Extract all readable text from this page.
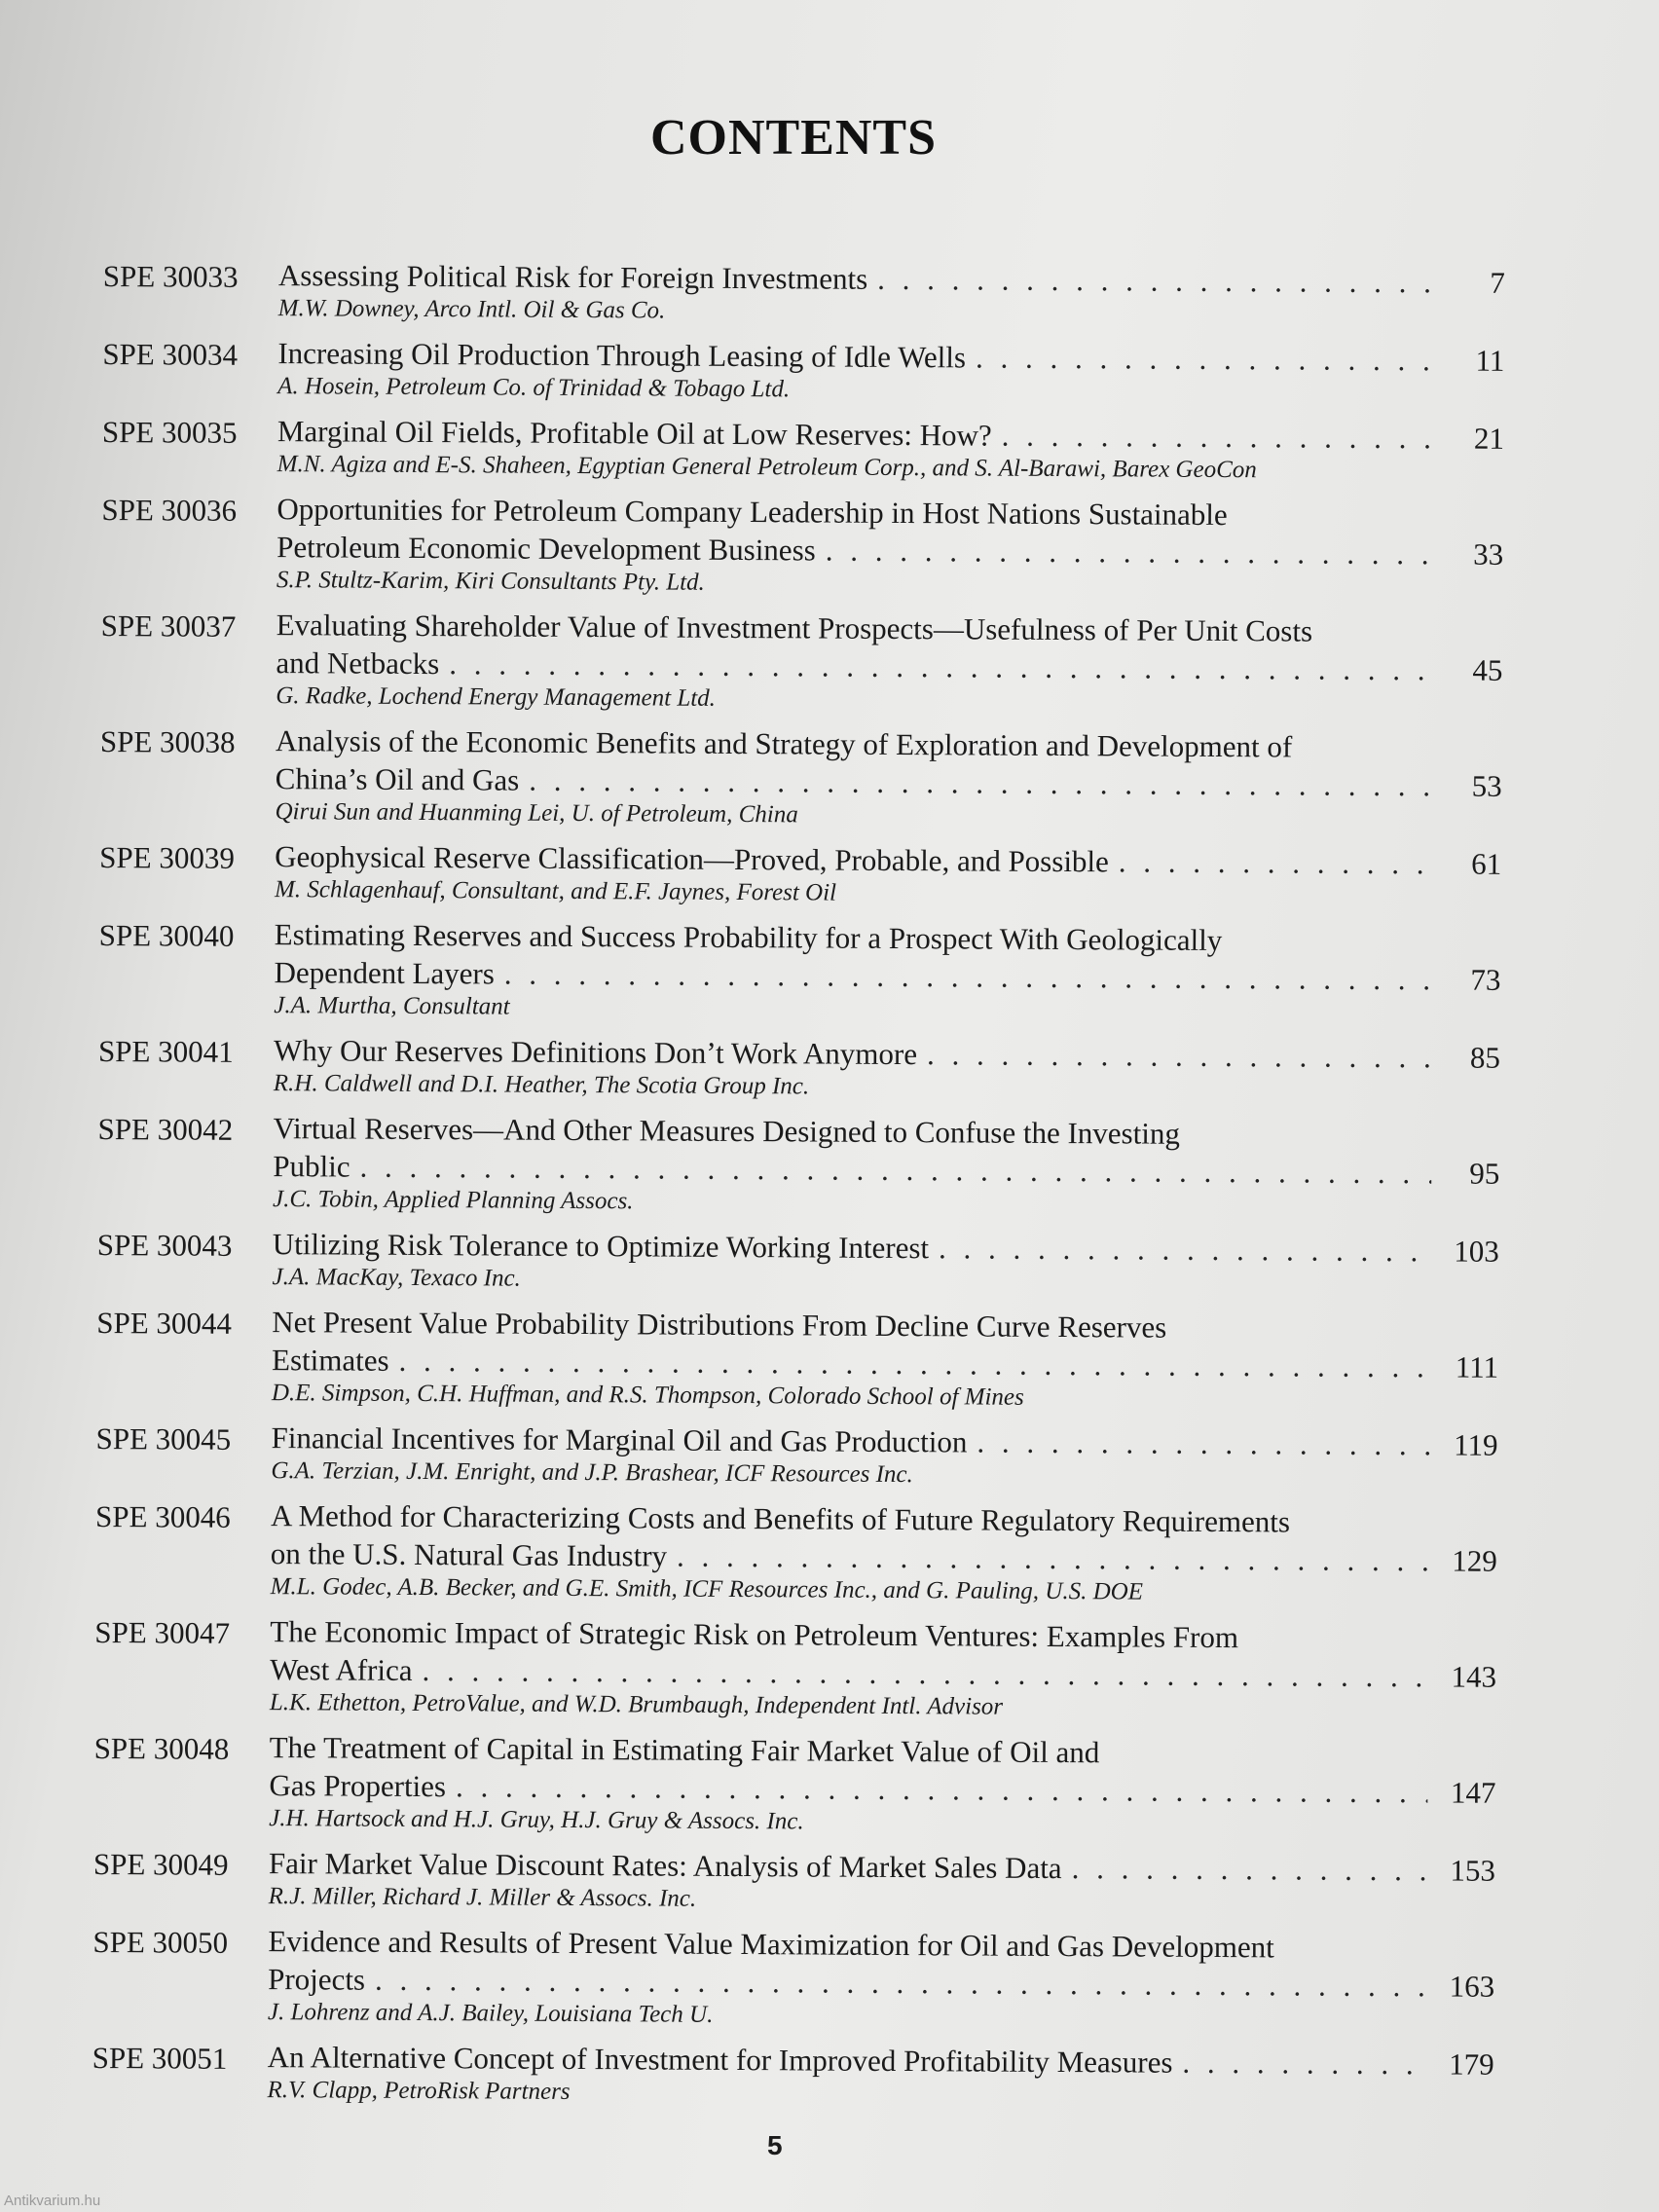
CONTENTS
SPE 30033 Assessing Political Risk for Foreign Investments . . .	7
M.W. Downey, Arco Intl. Oil & Gas Co.
SPE 30034 Increasing Oil Production Through Leasing of Idle Wells . . .	11
A. Hosein, Petroleum Co. of Trinidad & Tobago Ltd.
SPE 30035 Marginal Oil Fields, Profitable Oil at Low Reserves: How? . . .	21
M.N. Agiza and E-S. Shaheen, Egyptian General Petroleum Corp., and S. Al-Barawi, Barex GeoCon
SPE 30036 Opportunities for Petroleum Company Leadership in Host Nations Sustainable
Petroleum Economic Development Business . . .	33
S.P. Stultz-Karim, Kiri Consultants Pty. Ltd.
SPE 30037 Evaluating Shareholder Value of Investment Prospects—Usefulness of Per Unit Costs
and Netbacks . . .	45
G. Radke, Lochend Energy Management Ltd.
SPE 30038 Analysis of the Economic Benefits and Strategy of Exploration and Development of
China’s Oil and Gas . . .	53
Qirui Sun and Huanming Lei, U. of Petroleum, China
SPE 30039 Geophysical Reserve Classification—Proved, Probable, and Possible . . .	61
M. Schlagenhauf, Consultant, and E.F. Jaynes, Forest Oil
SPE 30040 Estimating Reserves and Success Probability for a Prospect With Geologically
Dependent Layers . . .	73
J.A. Murtha, Consultant
SPE 30041 Why Our Reserves Definitions Don’t Work Anymore . . .	85
R.H. Caldwell and D.I. Heather, The Scotia Group Inc.
SPE 30042 Virtual Reserves—And Other Measures Designed to Confuse the Investing
Public . . .	95
J.C. Tobin, Applied Planning Assocs.
SPE 30043 Utilizing Risk Tolerance to Optimize Working Interest . . .	103
J.A. MacKay, Texaco Inc.
SPE 30044 Net Present Value Probability Distributions From Decline Curve Reserves
Estimates . . .	111
D.E. Simpson, C.H. Huffman, and R.S. Thompson, Colorado School of Mines
SPE 30045 Financial Incentives for Marginal Oil and Gas Production . . .	119
G.A. Terzian, J.M. Enright, and J.P. Brashear, ICF Resources Inc.
SPE 30046 A Method for Characterizing Costs and Benefits of Future Regulatory Requirements
on the U.S. Natural Gas Industry . . .	129
M.L. Godec, A.B. Becker, and G.E. Smith, ICF Resources Inc., and G. Pauling, U.S. DOE
SPE 30047 The Economic Impact of Strategic Risk on Petroleum Ventures: Examples From
West Africa . . .	143
L.K. Ethetton, PetroValue, and W.D. Brumbaugh, Independent Intl. Advisor
SPE 30048 The Treatment of Capital in Estimating Fair Market Value of Oil and
Gas Properties . . .	147
J.H. Hartsock and H.J. Gruy, H.J. Gruy & Assocs. Inc.
SPE 30049 Fair Market Value Discount Rates: Analysis of Market Sales Data . . .	153
R.J. Miller, Richard J. Miller & Assocs. Inc.
SPE 30050 Evidence and Results of Present Value Maximization for Oil and Gas Development
Projects . . .	163
J. Lohrenz and A.J. Bailey, Louisiana Tech U.
SPE 30051 An Alternative Concept of Investment for Improved Profitability Measures . . .	179
R.V. Clapp, PetroRisk Partners
5
Antikvarium.hu
